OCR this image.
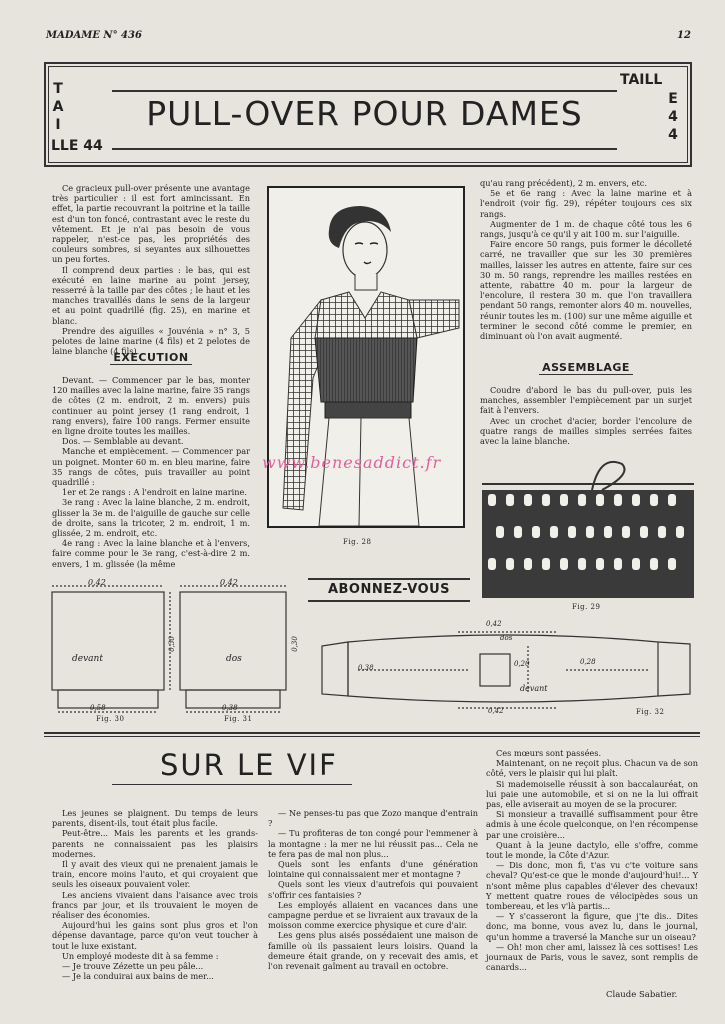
MADAME N° 436	12
PULL-OVER POUR DAMES
T
A
I
LLE 44
TAILL
E
4
4

Ce gracieux pull-over présente une avantage très particulier : il est fort amincissant. En effet, la partie recouvrant la poitrine et la taille est d'un ton foncé, contrastant avec le reste du vêtement. Et je n'ai pas besoin de vous rappeler, n'est-ce pas, les propriétés des couleurs sombres, si seyantes aux silhouettes un peu fortes.

Il comprend deux parties : le bas, qui est exécuté en laine marine au point jersey, resserré à la taille par des côtes ; le haut et les manches travaillés dans le sens de la largeur et au point quadrillé (fig. 25), en marine et blanc.

Prendre des aiguilles « Jouvénia » n° 3, 5 pelotes de laine marine (4 fils) et 2 pelotes de laine blanche (4 fils).

EXECUTION

Devant. — Commencer par le bas, monter 120 mailles avec la laine marine, faire 35 rangs de côtes (2 m. endroit, 2 m. envers) puis continuer au point jersey (1 rang endroit, 1 rang envers), faire 100 rangs. Fermer ensuite en ligne droite toutes les mailles.

Dos. — Semblable au devant.

Manche et empiècement. — Commencer par un poignet. Monter 60 m. en bleu marine, faire 35 rangs de côtes, puis travailler au point quadrillé :

1er et 2e rangs : A l'endroit en laine marine.

3e rang : Avec la laine blanche, 2 m. endroit, glisser la 3e m. de l'aiguille de gauche sur celle de droite, sans la tricoter, 2 m. endroit, 1 m. glissée, 2 m. endroit, etc.

4e rang : Avec la laine blanche et à l'envers, faire comme pour le 3e rang, c'est-à-dire 2 m. envers, 1 m. glissée (la même

Fig. 28
www.benesaddict.fr

qu'au rang précédent), 2 m. envers, etc.

5e et 6e rang : Avec la laine marine et à l'endroit (voir fig. 29), répéter toujours ces six rangs.

Augmenter de 1 m. de chaque côté tous les 6 rangs, jusqu'à ce qu'il y ait 100 m. sur l'aiguille.

Faire encore 50 rangs, puis former le décolleté carré, ne travailler que sur les 30 premières mailles, laisser les autres en attente, faire sur ces 30 m. 50 rangs, reprendre les mailles restées en attente, rabattre 40 m. pour la largeur de l'encolure, il restera 30 m. que l'on travaillera pendant 50 rangs, remonter alors 40 m. nouvelles, réunir toutes les m. (100) sur une même aiguille et terminer le second côté comme le premier, en diminuant où l'on avait augmenté.

ASSEMBLAGE

Coudre d'abord le bas du pull-over, puis les manches, assembler l'empiècement par un surjet fait à l'envers.

Avec un crochet d'acier, border l'encolure de quatre rangs de mailles simples serrées faites avec la laine blanche.

Fig. 29
0,42	0,42
0,30	0,30
devant	dos
0,58	0,38
Fig. 30	Fig. 31
ABONNEZ-VOUS
0,42
dos
0,38
0,28
0,20
devant
0,42	Fig. 32
SUR LE VIF

Les jeunes se plaignent. Du temps de leurs parents, disent-ils, tout était plus facile.

Peut-être... Mais les parents et les grands-parents ne connaissaient pas les plaisirs modernes.

Il y avait des vieux qui ne prenaient jamais le train, encore moins l'auto, et qui croyaient que seuls les oiseaux pouvaient voler.

Les anciens vivaient dans l'aisance avec trois francs par jour, et ils trouvaient le moyen de réaliser des économies.

Aujourd'hui les gains sont plus gros et l'on dépense davantage, parce qu'on veut toucher à tout le luxe existant.

Un employé modeste dit à sa femme :

— Je trouve Zézette un peu pâle...

— Je la conduirai aux bains de mer...

— Ne penses-tu pas que Zozo manque d'entrain ?

— Tu profiteras de ton congé pour l'emmener à la montagne : la mer ne lui réussit pas... Cela ne te fera pas de mal non plus...

Quels sont les enfants d'une génération lointaine qui connaissaient mer et montagne ?

Quels sont les vieux d'autrefois qui pouvaient s'offrir ces fantaisies ?

Les employés allaient en vacances dans une campagne perdue et se livraient aux travaux de la moisson comme exercice physique et cure d'air.

Les gens plus aisés possédaient une maison de famille où ils passaient leurs loisirs. Quand la demeure était grande, on y recevait des amis, et l'on revenait gaîment au travail en octobre.

Ces mœurs sont passées.

Maintenant, on ne reçoit plus. Chacun va de son côté, vers le plaisir qui lui plaît.

Si mademoiselle réussit à son baccalauréat, on lui paie une automobile, et si on ne la lui offrait pas, elle aviserait au moyen de se la procurer.

Si monsieur a travaillé suffisamment pour être admis à une école quelconque, on l'en récompense par une croisière...

Quant à la jeune dactylo, elle s'offre, comme tout le monde, la Côte d'Azur.

— Dis donc, mon fi, t'as vu c'te voiture sans cheval? Qu'est-ce que le monde d'aujourd'hui!... Y n'sont même plus capables d'élever des chevaux! Y mettent quatre roues de vélocipèdes sous un tombereau, et les v'là partis...

— Y s'casseront la figure, que j'te dis.. Dites donc, ma bonne, vous avez lu, dans le journal, qu'un homme a traversé la Manche sur un oiseau?

— Oh! mon cher ami, laissez là ces sottises! Les journaux de Paris, vous le savez, sont remplis de canards...

Claude Sabatier.
